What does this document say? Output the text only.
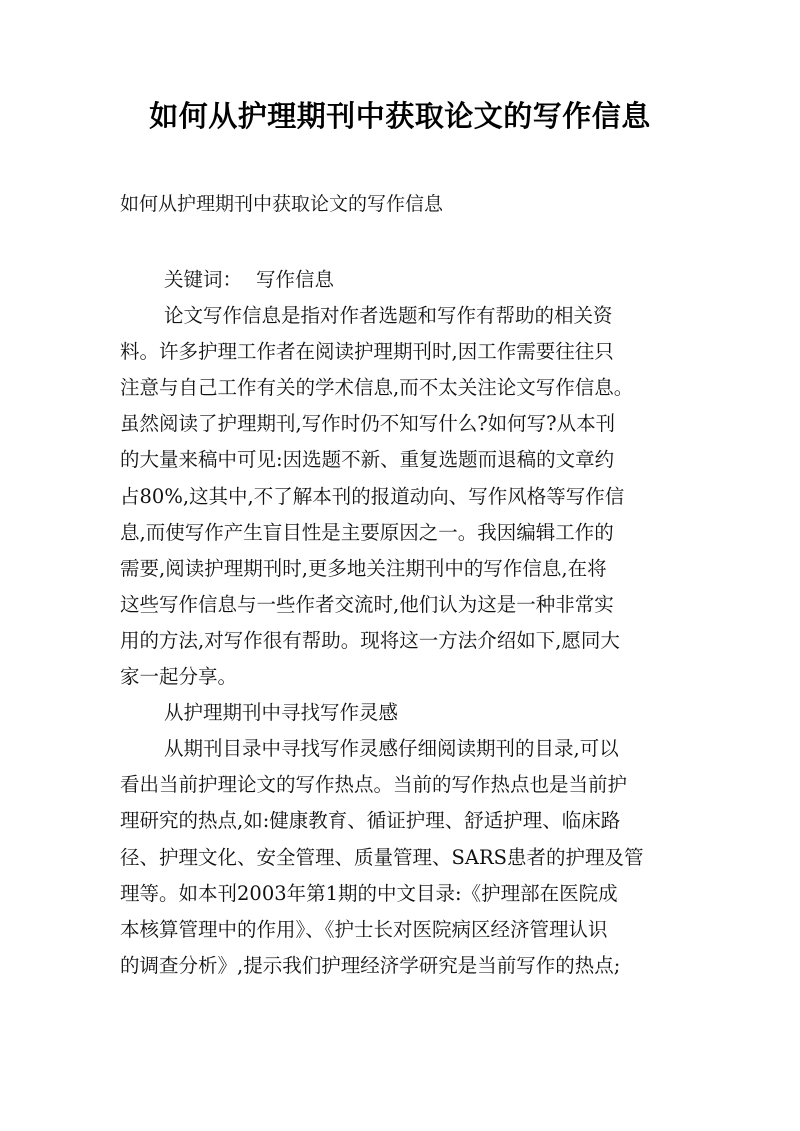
如何从护理期刊中获取论文的写作信息
如何从护理期刊中获取论文的写作信息
关键词： 写作信息
论文写作信息是指对作者选题和写作有帮助的相关资
料。许多护理工作者在阅读护理期刊时,因工作需要往往只
注意与自己工作有关的学术信息,而不太关注论文写作信息。
虽然阅读了护理期刊,写作时仍不知写什么?如何写?从本刊
的大量来稿中可见:因选题不新、重复选题而退稿的文章约
占80%,这其中,不了解本刊的报道动向、写作风格等写作信
息,而使写作产生盲目性是主要原因之一。我因编辑工作的
需要,阅读护理期刊时,更多地关注期刊中的写作信息,在将
这些写作信息与一些作者交流时,他们认为这是一种非常实
用的方法,对写作很有帮助。现将这一方法介绍如下,愿同大
家一起分享。
从护理期刊中寻找写作灵感
从期刊目录中寻找写作灵感仔细阅读期刊的目录,可以
看出当前护理论文的写作热点。当前的写作热点也是当前护
理研究的热点,如:健康教育、循证护理、舒适护理、临床路
径、护理文化、安全管理、质量管理、SARS患者的护理及管
理等。如本刊2003年第1期的中文目录:《护理部在医院成
本核算管理中的作用》、《护士长对医院病区经济管理认识
的调查分析》,提示我们护理经济学研究是当前写作的热点;
